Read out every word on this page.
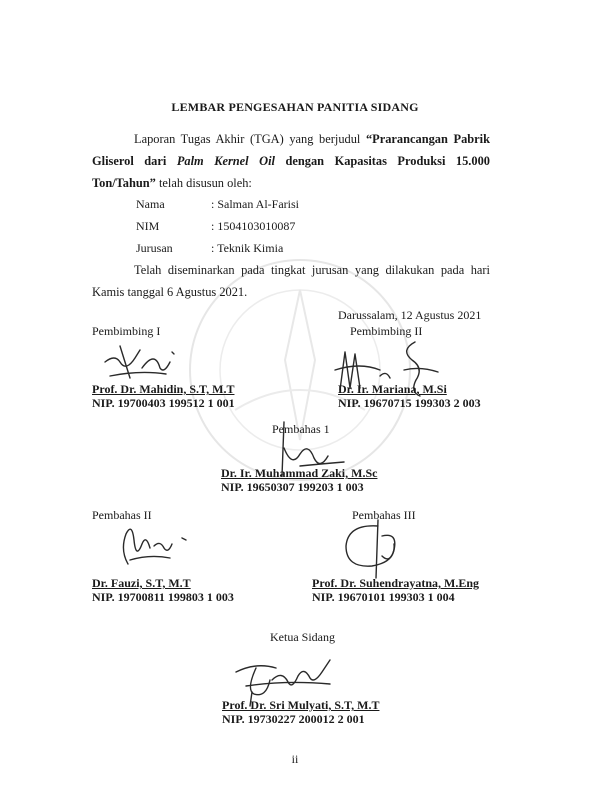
LEMBAR PENGESAHAN PANITIA SIDANG
Laporan Tugas Akhir (TGA) yang berjudul “Prarancangan Pabrik Gliserol dari Palm Kernel Oil dengan Kapasitas Produksi 15.000 Ton/Tahun” telah disusun oleh:
Nama	: Salman Al-Farisi
NIM	: 1504103010087
Jurusan	: Teknik Kimia
Telah diseminarkan pada tingkat jurusan yang dilakukan pada hari Kamis tanggal 6 Agustus 2021.
Darussalam, 12 Agustus 2021
Pembimbing I
Prof. Dr. Mahidin, S.T, M.T
NIP. 19700403 199512 1 001
Pembimbing II
Dr. Ir. Mariana, M.Si
NIP. 19670715 199303 2 003
Pembahas 1
Dr. Ir. Muhammad Zaki, M.Sc
NIP. 19650307 199203 1 003
Pembahas II
Dr. Fauzi, S.T, M.T
NIP. 19700811 199803 1 003
Pembahas III
Prof. Dr. Suhendrayatna, M.Eng
NIP. 19670101 199303 1 004
Ketua Sidang
Prof. Dr. Sri Mulyati, S.T, M.T
NIP. 19730227 200012 2 001
ii
